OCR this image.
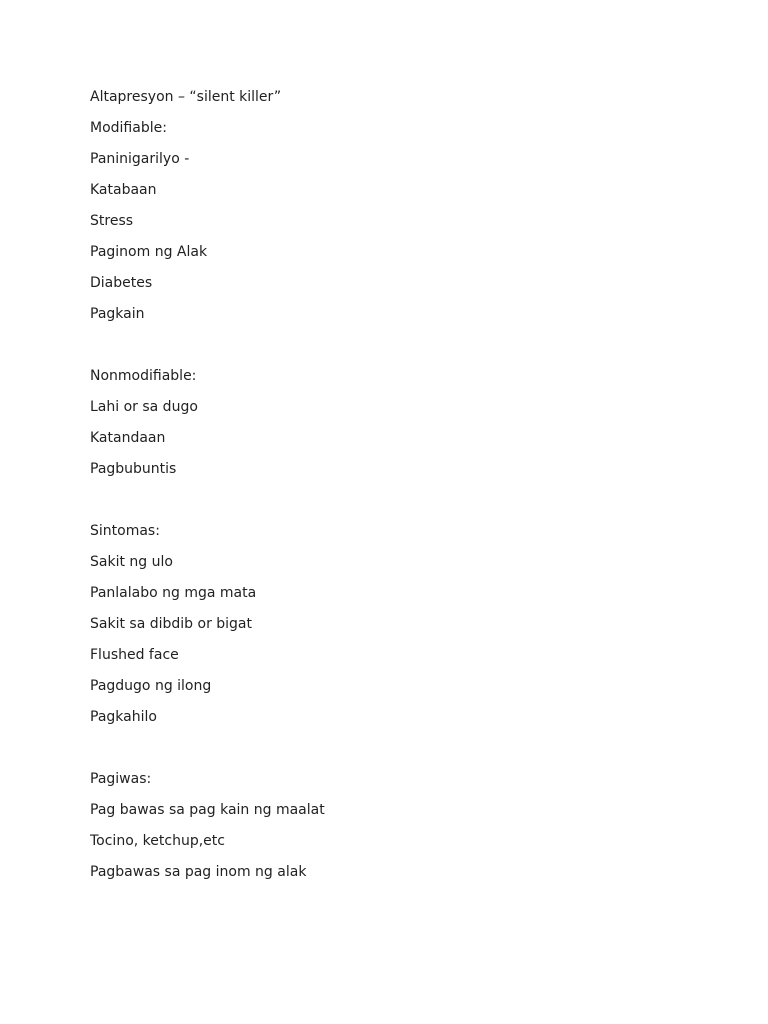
Altapresyon – “silent killer”
Modifiable:
Paninigarilyo -
Katabaan
Stress
Paginom ng Alak
Diabetes
Pagkain
Nonmodifiable:
Lahi or sa dugo
Katandaan
Pagbubuntis
Sintomas:
Sakit ng ulo
Panlalabo ng mga mata
Sakit sa dibdib or bigat
Flushed face
Pagdugo ng ilong
Pagkahilo
Pagiwas:
Pag bawas sa pag kain ng maalat
Tocino, ketchup,etc
Pagbawas sa pag inom ng alak
